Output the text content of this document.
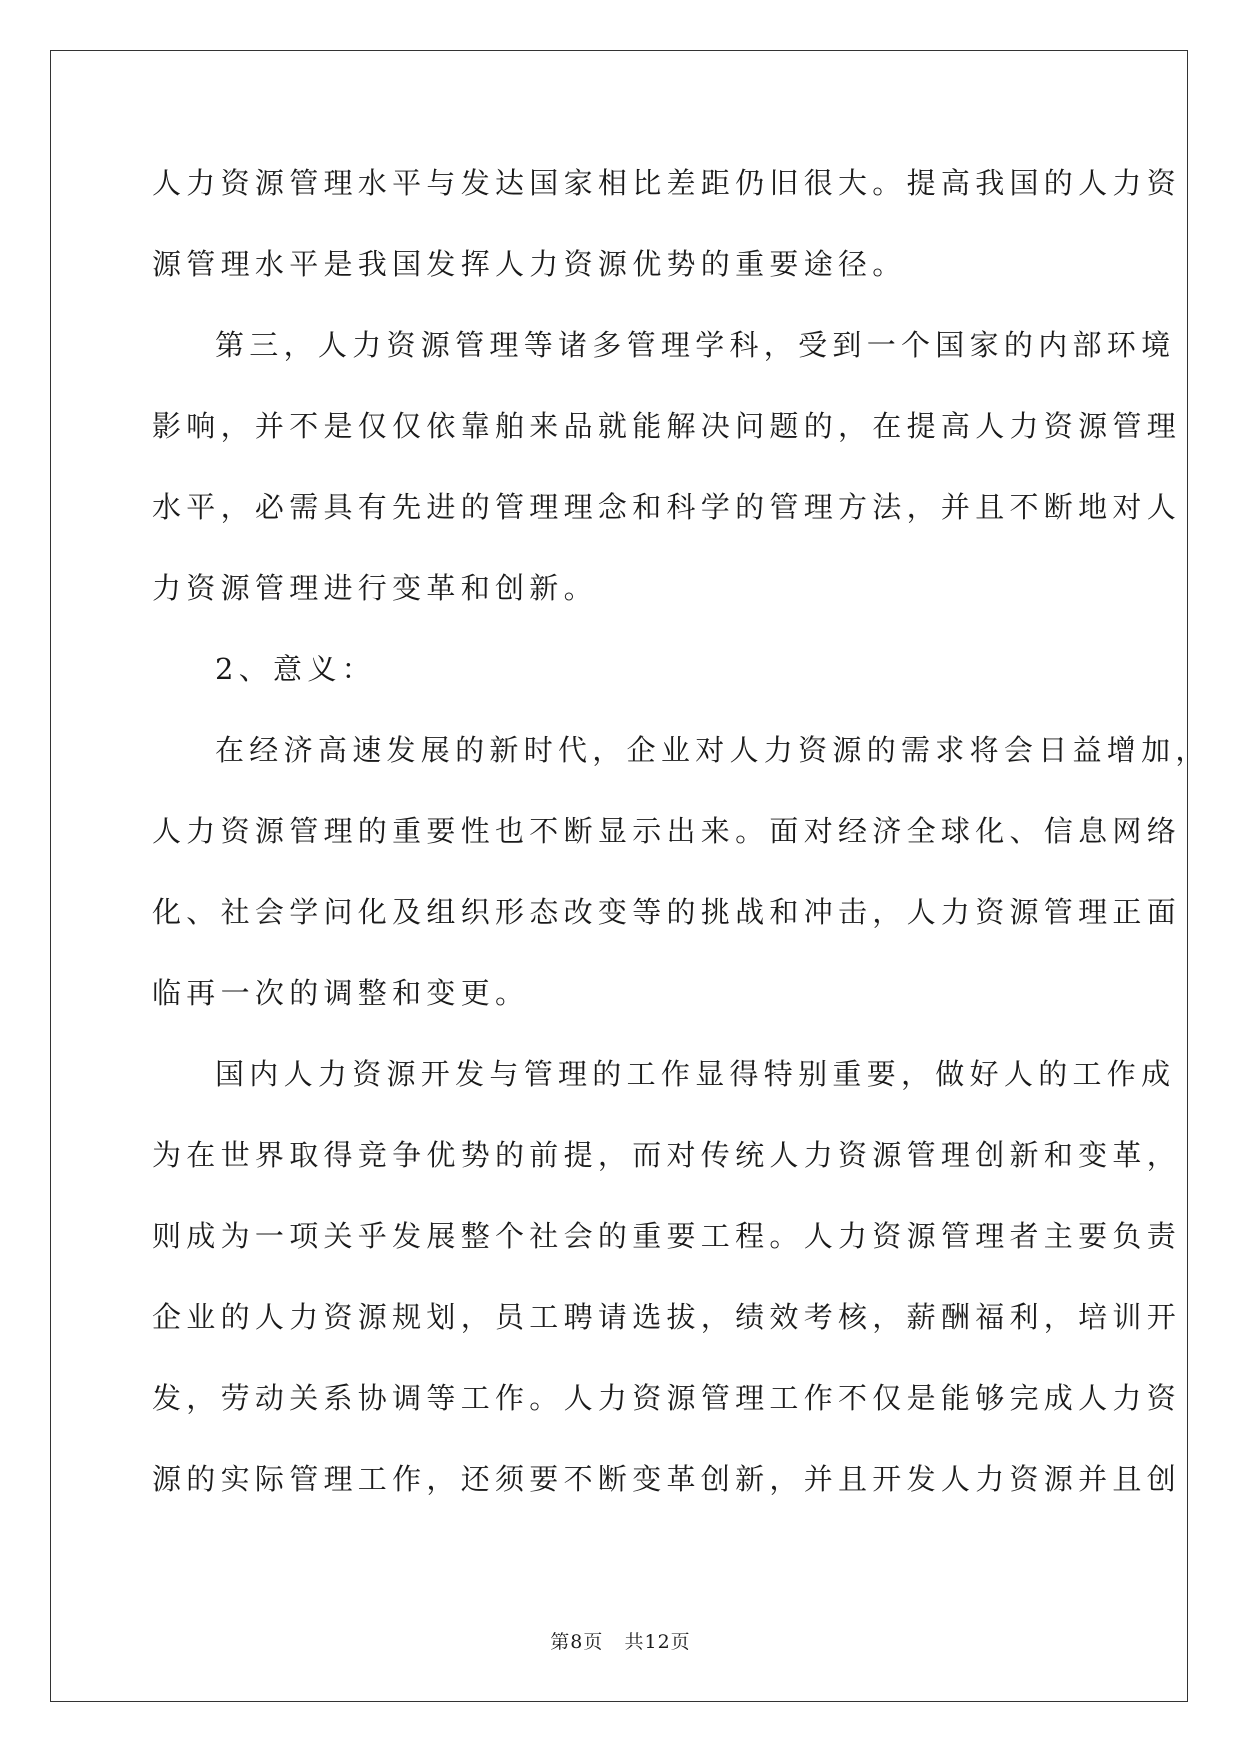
人力资源管理水平与发达国家相比差距仍旧很大。提高我国的人力资
源管理水平是我国发挥人力资源优势的重要途径。
第三，人力资源管理等诸多管理学科，受到一个国家的内部环境
影响，并不是仅仅依靠舶来品就能解决问题的，在提高人力资源管理
水平，必需具有先进的管理理念和科学的管理方法，并且不断地对人
力资源管理进行变革和创新。
2、意义：
在经济高速发展的新时代，企业对人力资源的需求将会日益增加，
人力资源管理的重要性也不断显示出来。面对经济全球化、信息网络
化、社会学问化及组织形态改变等的挑战和冲击，人力资源管理正面
临再一次的调整和变更。
国内人力资源开发与管理的工作显得特别重要，做好人的工作成
为在世界取得竞争优势的前提，而对传统人力资源管理创新和变革，
则成为一项关乎发展整个社会的重要工程。人力资源管理者主要负责
企业的人力资源规划，员工聘请选拔，绩效考核，薪酬福利，培训开
发，劳动关系协调等工作。人力资源管理工作不仅是能够完成人力资
源的实际管理工作，还须要不断变革创新，并且开发人力资源并且创
第8页   共12页
